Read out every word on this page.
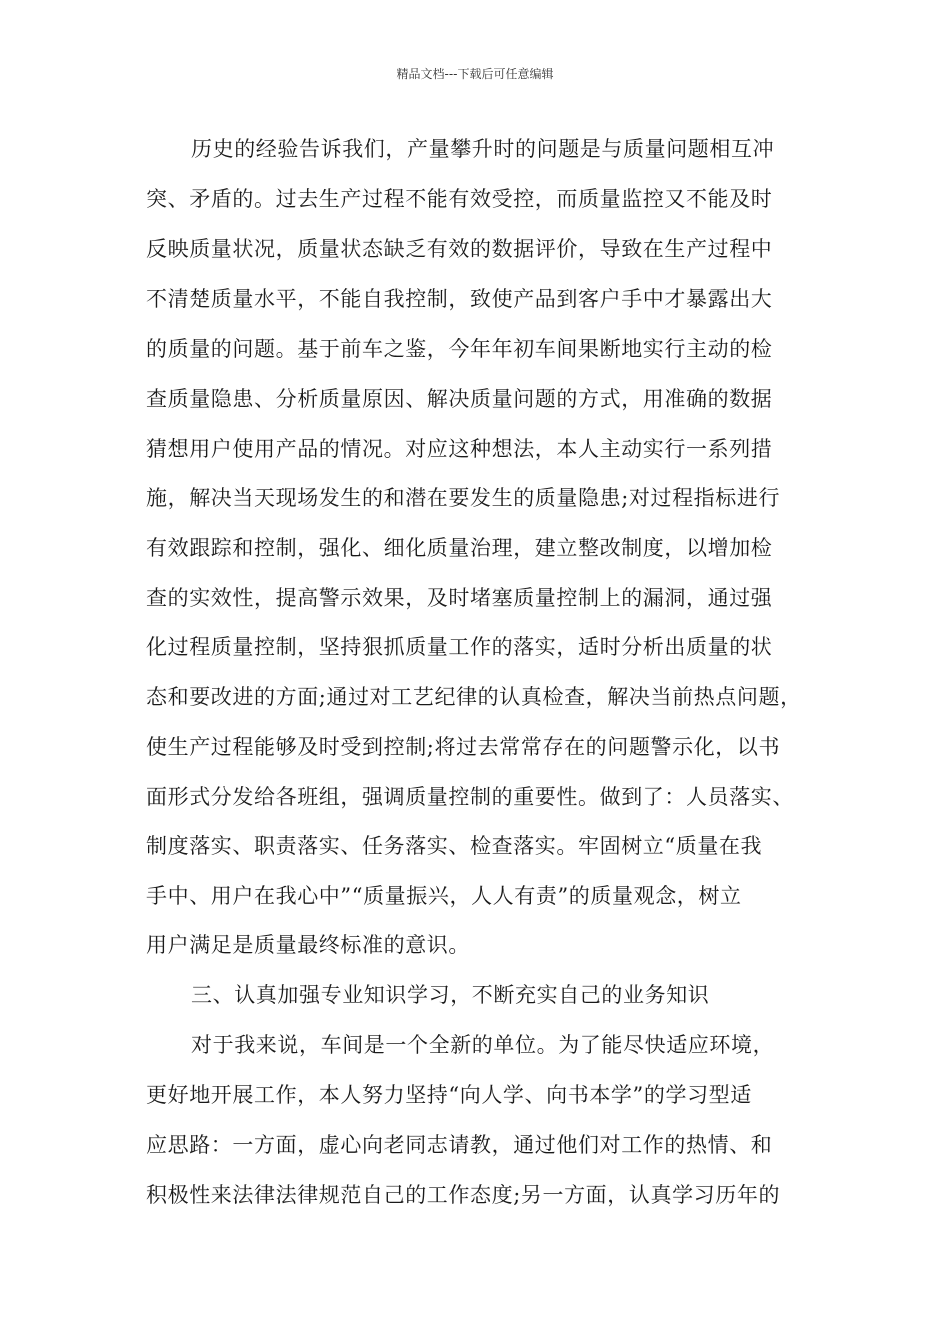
精品文档---下载后可任意编辑
历史的经验告诉我们，产量攀升时的问题是与质量问题相互冲
突、矛盾的。过去生产过程不能有效受控，而质量监控又不能及时
反映质量状况，质量状态缺乏有效的数据评价，导致在生产过程中
不清楚质量水平，不能自我控制，致使产品到客户手中才暴露出大
的质量的问题。基于前车之鉴，今年年初车间果断地实行主动的检
查质量隐患、分析质量原因、解决质量问题的方式，用准确的数据
猜想用户使用产品的情况。对应这种想法，本人主动实行一系列措
施，解决当天现场发生的和潜在要发生的质量隐患;对过程指标进行
有效跟踪和控制，强化、细化质量治理，建立整改制度，以增加检
查的实效性，提高警示效果，及时堵塞质量控制上的漏洞，通过强
化过程质量控制，坚持狠抓质量工作的落实，适时分析出质量的状
态和要改进的方面;通过对工艺纪律的认真检查，解决当前热点问题，
使生产过程能够及时受到控制;将过去常常存在的问题警示化，以书
面形式分发给各班组，强调质量控制的重要性。做到了：人员落实、
制度落实、职责落实、任务落实、检查落实。牢固树立“质量在我
手中、用户在我心中”“质量振兴，人人有责”的质量观念，树立
用户满足是质量最终标准的意识。
三、认真加强专业知识学习，不断充实自己的业务知识
对于我来说，车间是一个全新的单位。为了能尽快适应环境，
更好地开展工作，本人努力坚持“向人学、向书本学”的学习型适
应思路：一方面，虚心向老同志请教，通过他们对工作的热情、和
积极性来法律法律规范自己的工作态度;另一方面，认真学习历年的
